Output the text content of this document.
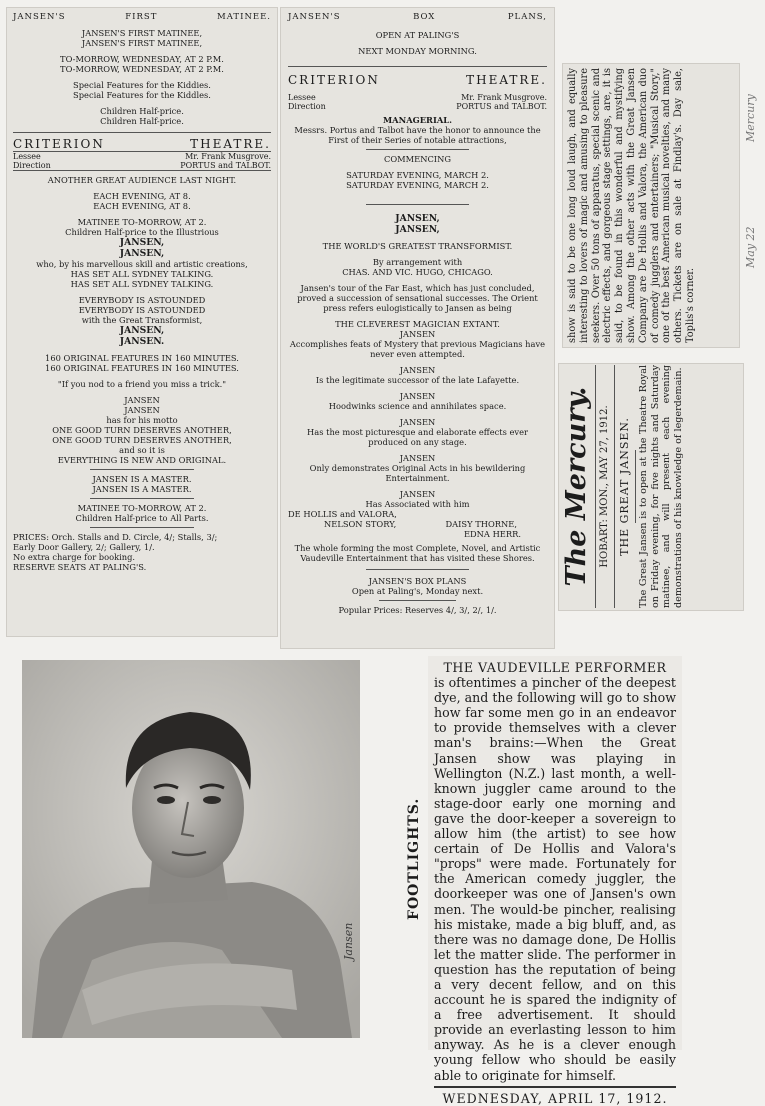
JANSEN'S	FIRST	MATINEE.

JANSEN'S FIRST MATINEE,

JANSEN'S FIRST MATINEE,

TO-MORROW, WEDNESDAY, AT 2 P.M.

TO-MORROW, WEDNESDAY, AT 2 P.M.

Special Features for the Kiddies.

Special Features for the Kiddles.

Children Half-price.

Children Half-price.

CRITERION	THEATRE.
Lessee	Mr. Frank Musgrove.
Direction	PORTUS and TALBOT.

ANOTHER GREAT AUDIENCE LAST NIGHT.

EACH EVENING, AT 8.

EACH EVENING, AT 8.

MATINEE TO-MORROW, AT 2.

Children Half-price to the Illustrious

JANSEN,

JANSEN,

who, by his marvellous skill and artistic creations,

HAS SET ALL SYDNEY TALKING.

HAS SET ALL SYDNEY TALKING.

EVERYBODY IS ASTOUNDED

EVERYBODY IS ASTOUNDED

with the Great Transformist,

JANSEN,

JANSEN.

160 ORIGINAL FEATURES IN 160 MINUTES.

160 ORIGINAL FEATURES IN 160 MINUTES.

"If you nod to a friend you miss a trick."

JANSEN

JANSEN

has for his motto

ONE GOOD TURN DESERVES ANOTHER,

ONE GOOD TURN DESERVES ANOTHER,

and so it is

EVERYTHING IS NEW AND ORIGINAL.

JANSEN IS A MASTER.

JANSEN IS A MASTER.

MATINEE TO-MORROW, AT 2.

Children Half-price to All Parts.

PRICES: Orch. Stalls and D. Circle, 4/; Stalls, 3/;

Early Door Gallery, 2/; Gallery, 1/.

No extra charge for booking.

RESERVE SEATS AT PALING'S.

JANSEN'S	BOX	PLANS,

OPEN AT PALING'S

NEXT MONDAY MORNING.

CRITERION	THEATRE.
Lessee	Mr. Frank Musgrove.
Direction	PORTUS and TALBOT.

MANAGERIAL.

Messrs. Portus and Talbot have the honor to announce the First of their Series of notable attractions,

COMMENCING

SATURDAY EVENING, MARCH 2.

SATURDAY EVENING, MARCH 2.

JANSEN,

JANSEN,

THE WORLD'S GREATEST TRANSFORMIST.

By arrangement with

CHAS. AND VIC. HUGO, CHICAGO.

Jansen's tour of the Far East, which has just concluded, proved a succession of sensational successes. The Orient press refers eulogistically to Jansen as being

THE CLEVEREST MAGICIAN EXTANT.

JANSEN

Accomplishes feats of Mystery that previous Magicians have never even attempted.

JANSEN

Is the legitimate successor of the late Lafayette.

JANSEN

Hoodwinks science and annihilates space.

JANSEN

Has the most picturesque and elaborate effects ever produced on any stage.

JANSEN

Only demonstrates Original Acts in his bewildering Entertainment.

JANSEN

Has Associated with him

DE HOLLIS and VALORA,

NELSON STORY,	DAISY THORNE,

EDNA HERR.

The whole forming the most Complete, Novel, and Artistic Vaudeville Entertainment that has visited these Shores.

JANSEN'S BOX PLANS

Open at Paling's, Monday next.

Popular Prices: Reserves 4/, 3/, 2/, 1/.

show is said to be one long loud laugh, and equally interesting to lovers of magic and amusing to pleasure seekers. Over 50 tons of apparatus, special scenic and electric effects, and gorgeous stage settings, are, it is said, to be found in this wonderful and mystifying show. Among the other acts with the Great Jansen Company are De Hollis and Valora, the American duo of comedy jugglers and entertainers; "Musical Story," one of the best American musical novelties, and many others. Tickets are on sale at Findlay's. Day sale, Toplis's corner.

Mercury
May 22
The Mercury. HOBART: MON., MAY 27, 1912. THE GREAT JANSEN. The Great Jansen is to open at the Theatre Royal on Friday evening, for five nights and Saturday matinee, and will present each evening demonstrations of his knowledge of legerdemain.

Jansen
FOOTLIGHTS.

THE VAUDEVILLE PERFORMER

is oftentimes a pincher of the deepest dye, and the following will go to show how far some men go in an endeavor to provide themselves with a clever man's brains:—When the Great Jansen show was playing in Wellington (N.Z.) last month, a well-known juggler came around to the stage-door early one morning and gave the door-keeper a sovereign to allow him (the artist) to see how certain of De Hollis and Valora's "props" were made. Fortunately for the American comedy juggler, the doorkeeper was one of Jansen's own men. The would-be pincher, realising his mistake, made a big bluff, and, as there was no damage done, De Hollis let the matter slide. The performer in question has the reputation of being a very decent fellow, and on this account he is spared the indignity of a free advertisement. It should provide an everlasting lesson to him anyway. As he is a clever enough young fellow who should be easily able to originate for himself.

WEDNESDAY, APRIL 17, 1912.
